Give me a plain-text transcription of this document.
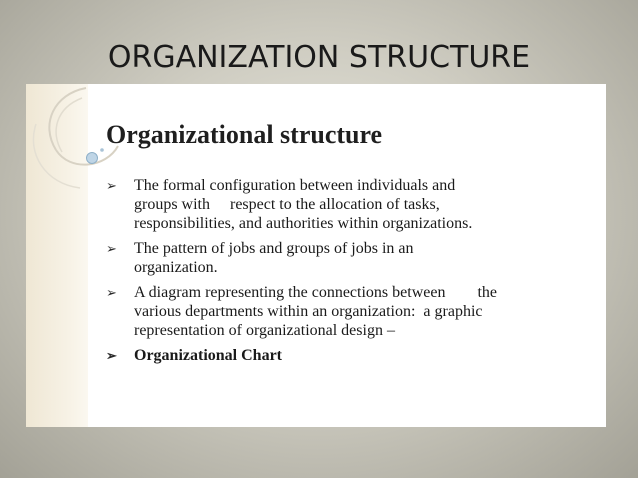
ORGANIZATION STRUCTURE
Organizational structure
➢ The formal configuration between individuals and
groups with     respect to the allocation of tasks,
responsibilities, and authorities within organizations.
➢ The pattern of jobs and groups of jobs in an
organization.
➢ A diagram representing the connections between        the
various departments within an organization:  a graphic
representation of organizational design –
➢ Organizational Chart
